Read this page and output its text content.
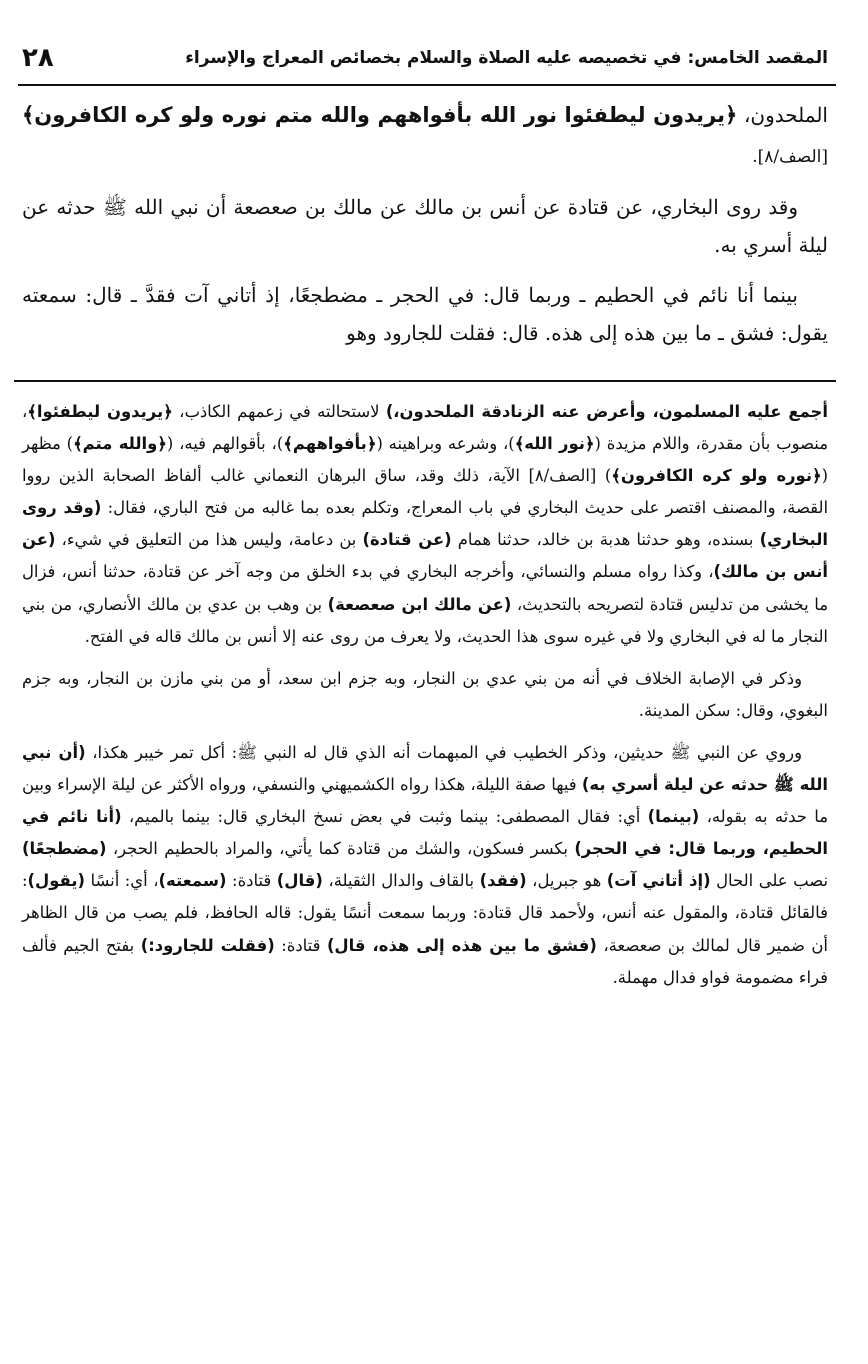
المقصد الخامس: في تخصيصه عليه الصلاة والسلام بخصائص المعراج والإسراء
٢٨

الملحدون، ﴿يريدون ليطفئوا نور الله بأفواههم والله متم نوره ولو كره الكافرون﴾ [الصف/٨].

وقد روى البخاري، عن قتادة عن أنس بن مالك عن مالك بن صعصعة أن نبي الله ﷺ حدثه عن ليلة أسري به.

بينما أنا نائم في الحطيم ـ وربما قال: في الحجر ـ مضطجعًا، إذ أتاني آت فقدَّ ـ قال: سمعته يقول: فشق ـ ما بين هذه إلى هذه. قال: فقلت للجارود وهو

أجمع عليه المسلمون، وأعرض عنه الزنادقة الملحدون،) لاستحالته في زعمهم الكاذب، ﴿يريدون ليطفئوا﴾، منصوب بأن مقدرة، واللام مزيدة (﴿نور الله﴾)، وشرعه وبراهينه (﴿بأفواههم﴾)، بأقوالهم فيه، (﴿والله متم﴾) مظهر (﴿نوره ولو كره الكافرون﴾) [الصف/٨] الآية، ذلك وقد، ساق البرهان النعماني غالب ألفاظ الصحابة الذين رووا القصة، والمصنف اقتصر على حديث البخاري في باب المعراج، وتكلم بعده بما غالبه من فتح الباري، فقال: (وقد روى البخاري) بسنده، وهو حدثنا هدبة بن خالد، حدثنا همام (عن قتادة) بن دعامة، وليس هذا من التعليق في شيء، (عن أنس بن مالك)، وكذا رواه مسلم والنسائي، وأخرجه البخاري في بدء الخلق من وجه آخر عن قتادة، حدثنا أنس، فزال ما يخشى من تدليس قتادة لتصريحه بالتحديث، (عن مالك ابن صعصعة) بن وهب بن عدي بن مالك الأنصاري، من بني النجار ما له في البخاري ولا في غيره سوى هذا الحديث، ولا يعرف من روى عنه إلا أنس بن مالك قاله في الفتح.

وذكر في الإصابة الخلاف في أنه من بني عدي بن النجار، وبه جزم ابن سعد، أو من بني مازن بن النجار، وبه جزم البغوي، وقال: سكن المدينة.

وروي عن النبي ﷺ حديثين، وذكر الخطيب في المبهمات أنه الذي قال له النبي ﷺ: أكل تمر خيبر هكذا، (أن نبي الله ﷺ حدثه عن ليلة أسري به) فيها صفة الليلة، هكذا رواه الكشميهني والنسفي، ورواه الأكثر عن ليلة الإسراء وبين ما حدثه به بقوله، (بينما) أي: فقال المصطفى: بينما وثبت في بعض نسخ البخاري قال: بينما بالميم، (أنا نائم في الحطيم، وربما قال: في الحجر) بكسر فسكون، والشك من قتادة كما يأتي، والمراد بالحطيم الحجر، (مضطجعًا) نصب على الحال (إذ أتاني آت) هو جبريل، (فقد) بالقاف والدال الثقيلة، (قال) قتادة: (سمعته)، أي: أنسًا (يقول): فالقائل قتادة، والمقول عنه أنس، ولأحمد قال قتادة: وربما سمعت أنسًا يقول: قاله الحافظ، فلم يصب من قال الظاهر أن ضمير قال لمالك بن صعصعة، (فشق ما بين هذه إلى هذه، قال) قتادة: (فقلت للجارود:) بفتح الجيم فألف فراء مضمومة فواو فدال مهملة.
